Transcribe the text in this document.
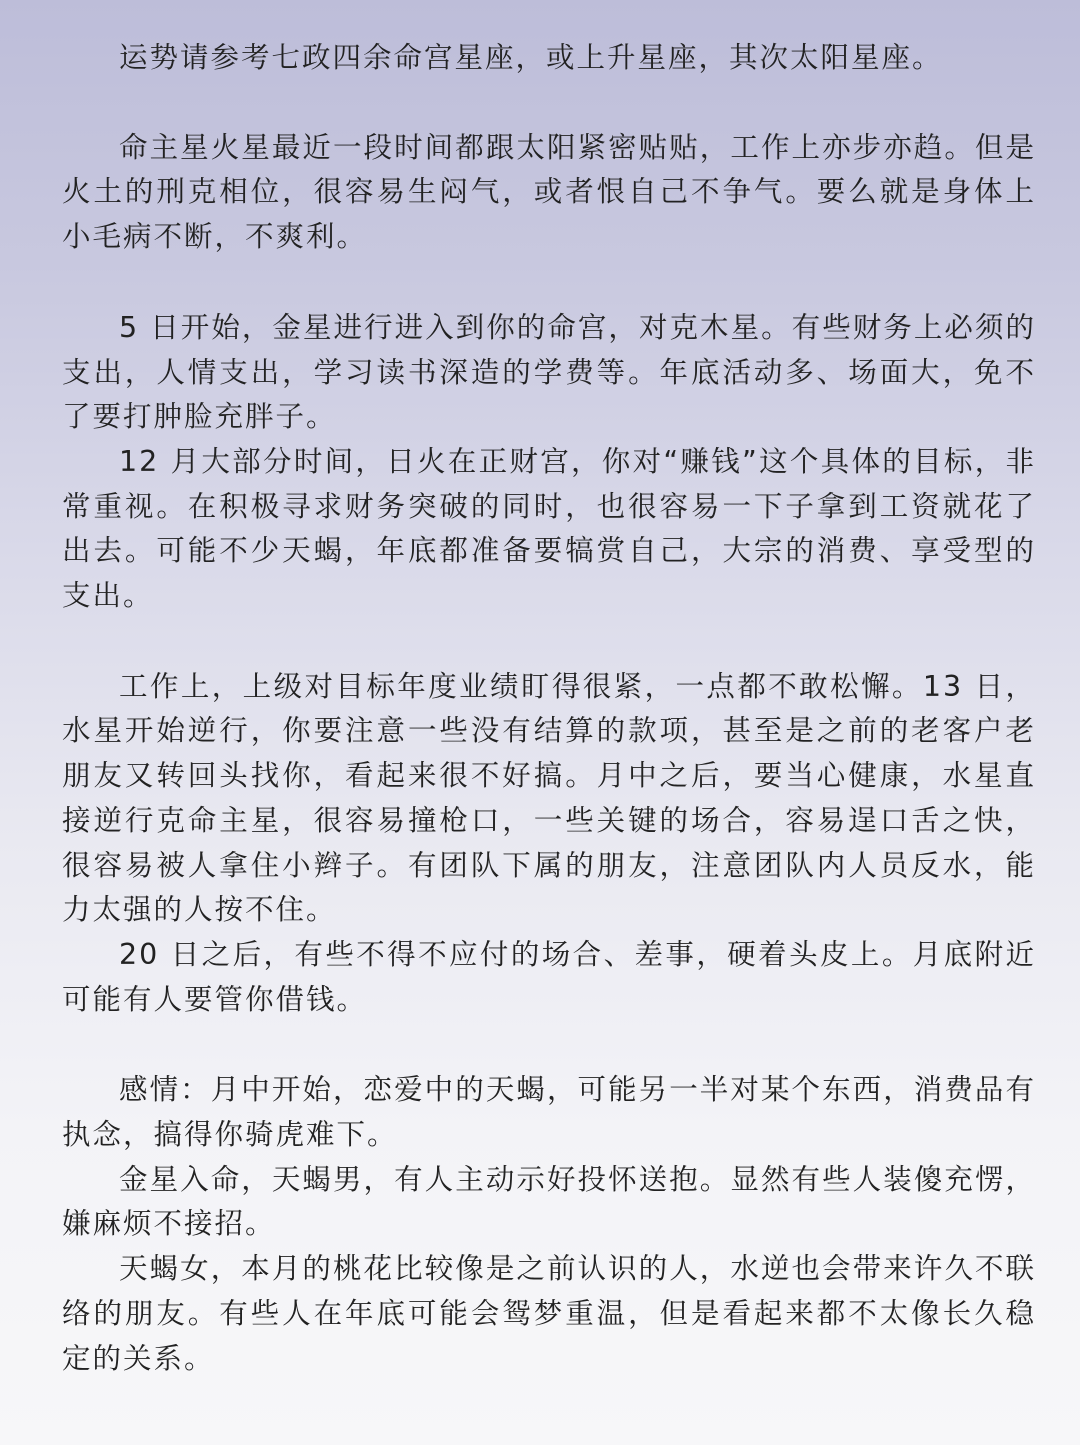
运势请参考七政四余命宫星座，或上升星座，其次太阳星座。

命主星火星最近一段时间都跟太阳紧密贴贴，工作上亦步亦趋。但是火土的刑克相位，很容易生闷气，或者恨自己不争气。要么就是身体上小毛病不断，不爽利。

5 日开始，金星进行进入到你的命宫，对克木星。有些财务上必须的支出，人情支出，学习读书深造的学费等。年底活动多、场面大，免不了要打肿脸充胖子。

12 月大部分时间，日火在正财宫，你对“赚钱”这个具体的目标，非常重视。在积极寻求财务突破的同时，也很容易一下子拿到工资就花了出去。可能不少天蝎，年底都准备要犒赏自己，大宗的消费、享受型的支出。

工作上，上级对目标年度业绩盯得很紧，一点都不敢松懈。13 日，水星开始逆行，你要注意一些没有结算的款项，甚至是之前的老客户老朋友又转回头找你，看起来很不好搞。月中之后，要当心健康，水星直接逆行克命主星，很容易撞枪口，一些关键的场合，容易逞口舌之快，很容易被人拿住小辫子。有团队下属的朋友，注意团队内人员反水，能力太强的人按不住。

20 日之后，有些不得不应付的场合、差事，硬着头皮上。月底附近可能有人要管你借钱。

感情：月中开始，恋爱中的天蝎，可能另一半对某个东西，消费品有执念，搞得你骑虎难下。

金星入命，天蝎男，有人主动示好投怀送抱。显然有些人装傻充愣，嫌麻烦不接招。

天蝎女，本月的桃花比较像是之前认识的人，水逆也会带来许久不联络的朋友。有些人在年底可能会鸳梦重温，但是看起来都不太像长久稳定的关系。
